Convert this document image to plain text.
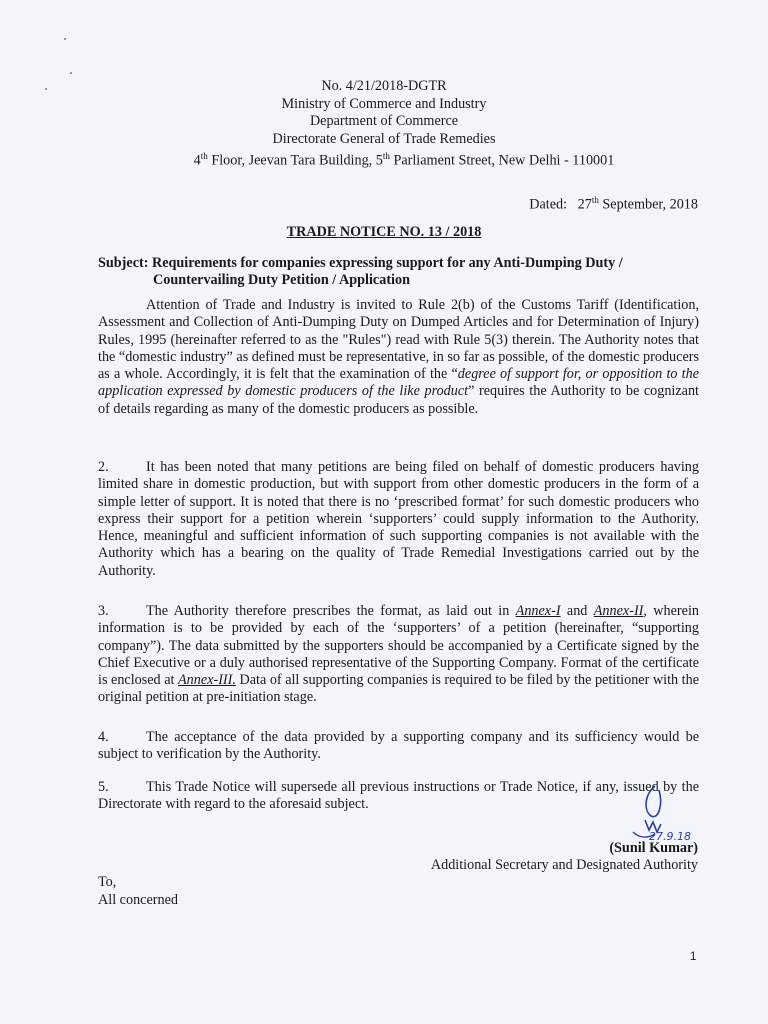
No. 4/21/2018-DGTR
Ministry of Commerce and Industry
Department of Commerce
Directorate General of Trade Remedies
4th Floor, Jeevan Tara Building, 5th Parliament Street, New Delhi - 110001
Dated: 27th September, 2018
TRADE NOTICE NO. 13 / 2018
Subject: Requirements for companies expressing support for any Anti-Dumping Duty /
Countervailing Duty Petition / Application
Attention of Trade and Industry is invited to Rule 2(b) of the Customs Tariff (Identification, Assessment and Collection of Anti-Dumping Duty on Dumped Articles and for Determination of Injury) Rules, 1995 (hereinafter referred to as the "Rules") read with Rule 5(3) therein. The Authority notes that the “domestic industry” as defined must be representative, in so far as possible, of the domestic producers as a whole. Accordingly, it is felt that the examination of the “degree of support for, or opposition to the application expressed by domestic producers of the like product” requires the Authority to be cognizant of details regarding as many of the domestic producers as possible.
2.	It has been noted that many petitions are being filed on behalf of domestic producers having limited share in domestic production, but with support from other domestic producers in the form of a simple letter of support. It is noted that there is no ‘prescribed format’ for such domestic producers who express their support for a petition wherein ‘supporters’ could supply information to the Authority. Hence, meaningful and sufficient information of such supporting companies is not available with the Authority which has a bearing on the quality of Trade Remedial Investigations carried out by the Authority.
3.	The Authority therefore prescribes the format, as laid out in Annex-I and Annex-II, wherein information is to be provided by each of the ‘supporters’ of a petition (hereinafter, “supporting company”). The data submitted by the supporters should be accompanied by a Certificate signed by the Chief Executive or a duly authorised representative of the Supporting Company. Format of the certificate is enclosed at Annex-III. Data of all supporting companies is required to be filed by the petitioner with the original petition at pre-initiation stage.
4.	The acceptance of the data provided by a supporting company and its sufficiency would be subject to verification by the Authority.
5.	This Trade Notice will supersede all previous instructions or Trade Notice, if any, issued by the Directorate with regard to the aforesaid subject.
27.9.18
(Sunil Kumar)
Additional Secretary and Designated Authority
To,
All concerned
1
